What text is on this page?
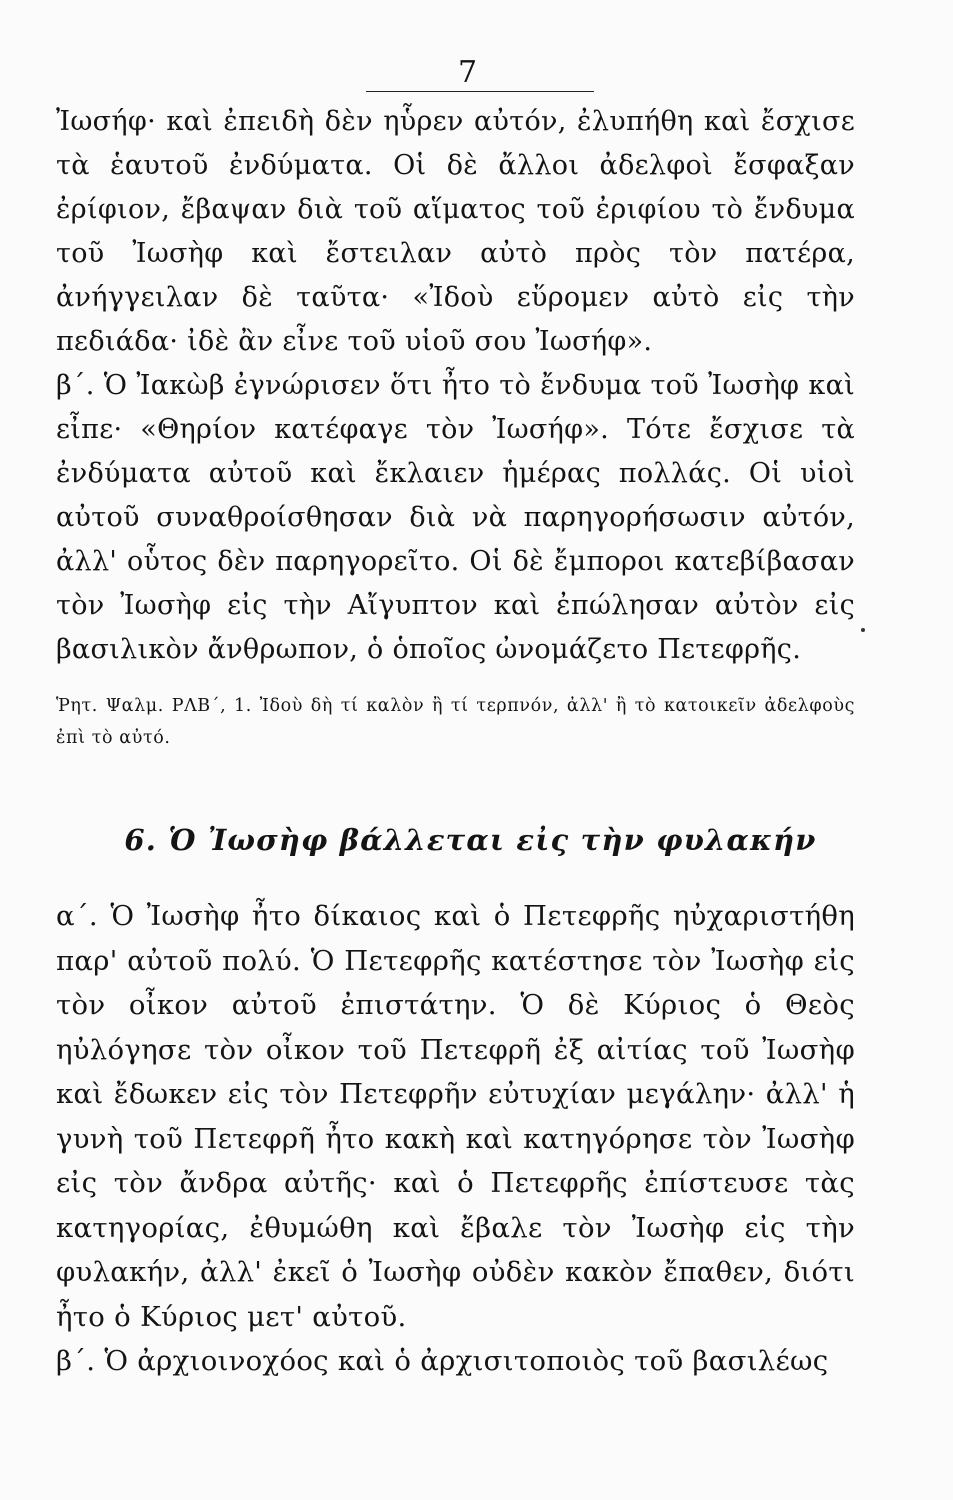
7

Ἰωσήφ· καὶ ἐπειδὴ δὲν ηὗρεν αὐτόν, ἐλυπήθη καὶ ἔσχισε τὰ ἑαυτοῦ ἐνδύματα. Οἱ δὲ ἄλλοι ἀδελφοὶ ἔσφαξαν ἐρίφιον, ἔβαψαν διὰ τοῦ αἵματος τοῦ ἐριφίου τὸ ἔνδυμα τοῦ Ἰωσὴφ καὶ ἔστειλαν αὐτὸ πρὸς τὸν πατέρα, ἀνήγγειλαν δὲ ταῦτα· «Ἰδοὺ εὕρομεν αὐτὸ εἰς τὴν πεδιάδα· ἰδὲ ἂν εἶνε τοῦ υἱοῦ σου Ἰωσήφ».

β΄. Ὁ Ἰακὼβ ἐγνώρισεν ὅτι ἦτο τὸ ἔνδυμα τοῦ Ἰωσὴφ καὶ εἶπε· «Θηρίον κατέφαγε τὸν Ἰωσήφ». Τότε ἔσχισε τὰ ἐνδύματα αὐτοῦ καὶ ἔκλαιεν ἡμέρας πολλάς. Οἱ υἱοὶ αὐτοῦ συναθροίσθησαν διὰ νὰ παρηγορήσωσιν αὐτόν, ἀλλ' οὗτος δὲν παρηγορεῖτο. Οἱ δὲ ἔμποροι κατεβίβασαν τὸν Ἰωσὴφ εἰς τὴν Αἴγυπτον καὶ ἐπώλησαν αὐτὸν εἰς βασιλικὸν ἄνθρωπον, ὁ ὁποῖος ὠνομάζετο Πετεφρῆς.

Ῥητ. Ψαλμ. ΡΛΒ΄, 1. Ἰδοὺ δὴ τί καλὸν ἢ τί τερπνόν, ἀλλ' ἢ τὸ κατοικεῖν ἀδελφοὺς ἐπὶ τὸ αὐτό.

6. Ὁ Ἰωσὴφ βάλλεται εἰς τὴν φυλακήν

α΄. Ὁ Ἰωσὴφ ἦτο δίκαιος καὶ ὁ Πετεφρῆς ηὐχαριστήθη παρ' αὐτοῦ πολύ. Ὁ Πετεφρῆς κατέστησε τὸν Ἰωσὴφ εἰς τὸν οἶκον αὐτοῦ ἐπιστάτην. Ὁ δὲ Κύριος ὁ Θεὸς ηὐλόγησε τὸν οἶκον τοῦ Πετεφρῆ ἐξ αἰτίας τοῦ Ἰωσὴφ καὶ ἔδωκεν εἰς τὸν Πετεφρῆν εὐτυχίαν μεγάλην· ἀλλ' ἡ γυνὴ τοῦ Πετεφρῆ ἦτο κακὴ καὶ κατηγόρησε τὸν Ἰωσὴφ εἰς τὸν ἄνδρα αὐτῆς· καὶ ὁ Πετεφρῆς ἐπίστευσε τὰς κατηγορίας, ἐθυμώθη καὶ ἔβαλε τὸν Ἰωσὴφ εἰς τὴν φυλακήν, ἀλλ' ἐκεῖ ὁ Ἰωσὴφ οὐδὲν κακὸν ἔπαθεν, διότι ἦτο ὁ Κύριος μετ' αὐτοῦ.

β΄. Ὁ ἀρχιοινοχόος καὶ ὁ ἀρχισιτοποιὸς τοῦ βασιλέως
